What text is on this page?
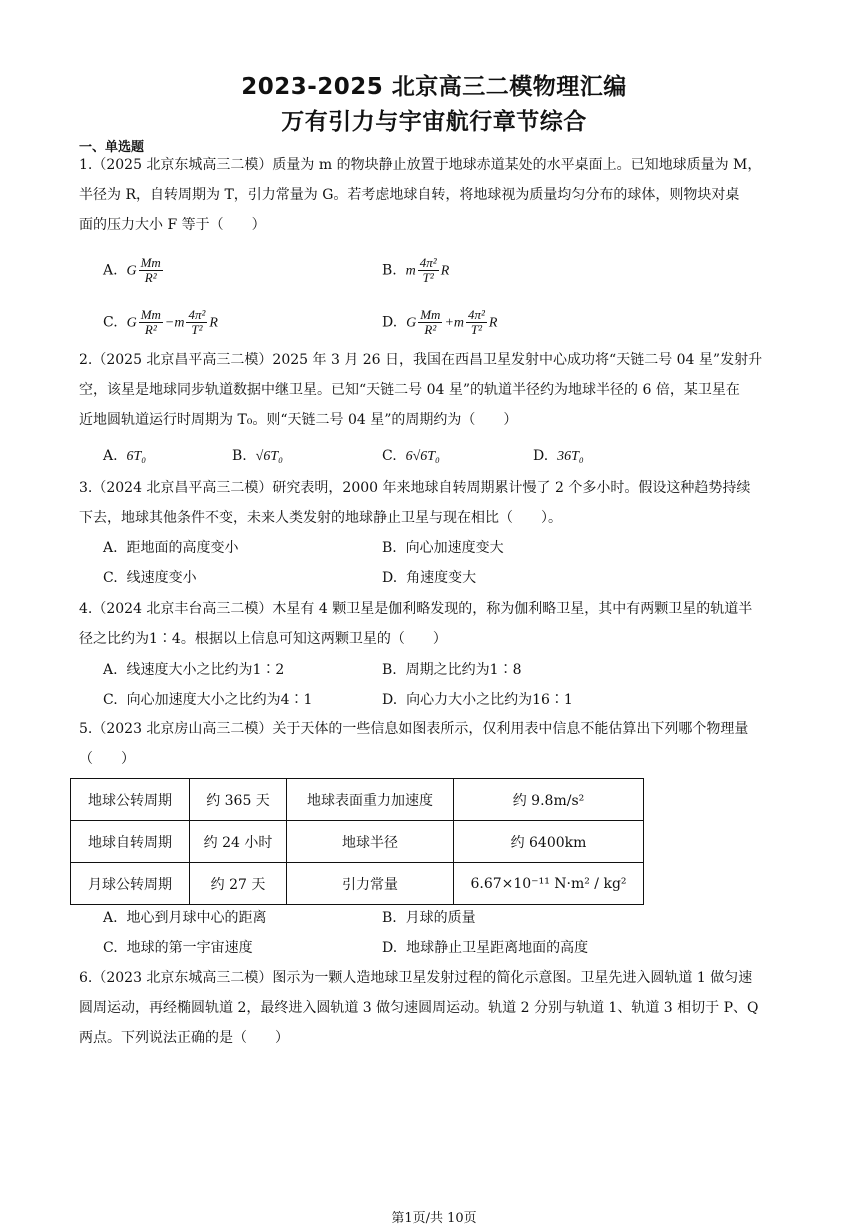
2023-2025 北京高三二模物理汇编
万有引力与宇宙航行章节综合
一、单选题
1.（2025 北京东城高三二模）质量为 m 的物块静止放置于地球赤道某处的水平桌面上。已知地球质量为 M，
半径为 R，自转周期为 T，引力常量为 G。若考虑地球自转，将地球视为质量均匀分布的球体，则物块对桌
面的压力大小 F 等于（　　）
A. G $\frac{Mm}{\text{R²}}$	B. m $\frac{\text{4π²}}{\text{T²}}$ R
C. G $\frac{Mm}{\text{R²}} -m \frac{\text{4π²}}{\text{T²}}$ R	D. G $\frac{Mm}{\text{R²}} +m \frac{\text{4π²}}{\text{T²}}$ R
2.（2025 北京昌平高三二模）2025 年 3 月 26 日，我国在西昌卫星发射中心成功将“天链二号 04 星”发射升
空，该星是地球同步轨道数据中继卫星。已知“天链二号 04 星”的轨道半径约为地球半径的 6 倍，某卫星在
近地圆轨道运行时周期为 T₀。则“天链二号 04 星”的周期约为（　　）
A. 6T₀	B. √6T₀	C. 6√6T₀	D. 36T₀
3.（2024 北京昌平高三二模）研究表明，2000 年来地球自转周期累计慢了 2 个多小时。假设这种趋势持续
下去，地球其他条件不变，未来人类发射的地球静止卫星与现在相比（　　）。
A. 距地面的高度变小	B. 向心加速度变大
C. 线速度变小	D. 角速度变大
4.（2024 北京丰台高三二模）木星有 4 颗卫星是伽利略发现的，称为伽利略卫星，其中有两颗卫星的轨道半
径之比约为1∶4。根据以上信息可知这两颗卫星的（　　）
A. 线速度大小之比约为1∶2	B. 周期之比约为1∶8
C. 向心加速度大小之比约为4∶1	D. 向心力大小之比约为16∶1
5.（2023 北京房山高三二模）关于天体的一些信息如图表所示，仅利用表中信息不能估算出下列哪个物理量
（　　）
地球公转周期	约 365 天	地球表面重力加速度	约 9.8m/s²
地球自转周期	约 24 小时	地球半径	约 6400km
月球公转周期	约 27 天	引力常量	6.67×10⁻¹¹ N·m² / kg²
A. 地心到月球中心的距离	B. 月球的质量
C. 地球的第一宇宙速度	D. 地球静止卫星距离地面的高度
6.（2023 北京东城高三二模）图示为一颗人造地球卫星发射过程的简化示意图。卫星先进入圆轨道 1 做匀速
圆周运动，再经椭圆轨道 2，最终进入圆轨道 3 做匀速圆周运动。轨道 2 分别与轨道 1、轨道 3 相切于 P、Q
两点。下列说法正确的是（　　）
第1页/共 10页
